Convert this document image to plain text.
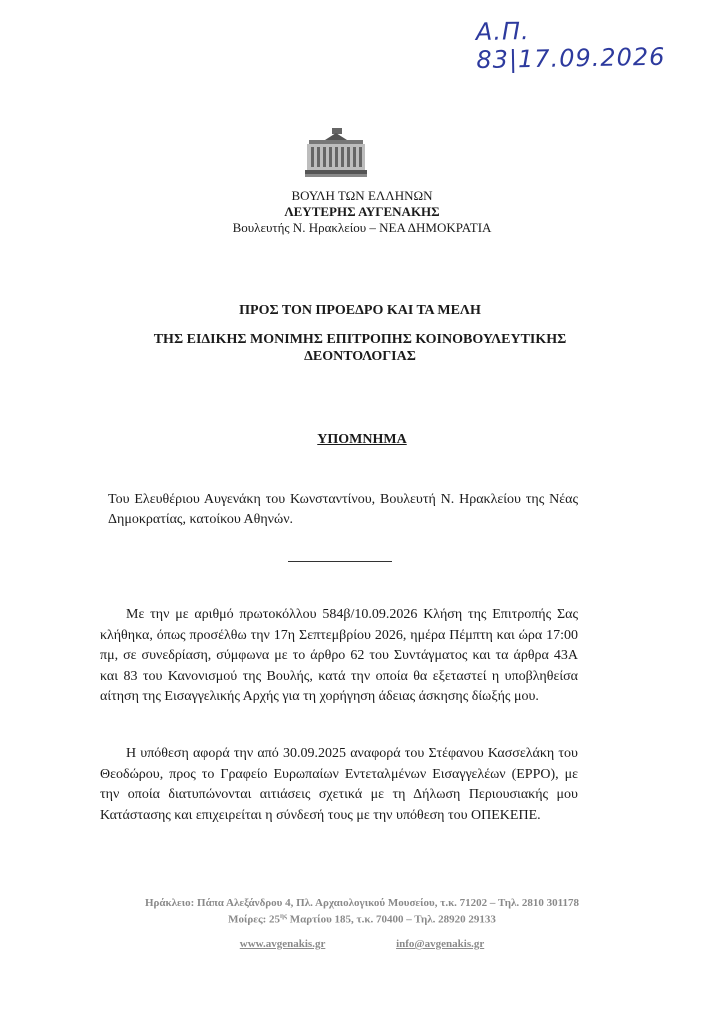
Α.Π. 83|17.09.2026
ΒΟΥΛΗ ΤΩΝ ΕΛΛΗΝΩΝ
ΛΕΥΤΕΡΗΣ ΑΥΓΕΝΑΚΗΣ
Βουλευτής Ν. Ηρακλείου – ΝΕΑ ΔΗΜΟΚΡΑΤΙΑ
ΠΡΟΣ ΤΟΝ ΠΡΟΕΔΡΟ ΚΑΙ ΤΑ ΜΕΛΗ
ΤΗΣ ΕΙΔΙΚΗΣ ΜΟΝΙΜΗΣ ΕΠΙΤΡΟΠΗΣ ΚΟΙΝΟΒΟΥΛΕΥΤΙΚΗΣ
ΔΕΟΝΤΟΛΟΓΙΑΣ
ΥΠΟΜΝΗΜΑ
Του Ελευθέριου Αυγενάκη του Κωνσταντίνου, Βουλευτή Ν. Ηρακλείου της Νέας Δημοκρατίας, κατοίκου Αθηνών.
Με την με αριθμό πρωτοκόλλου 584β/10.09.2026 Κλήση της Επιτροπής Σας κλήθηκα, όπως προσέλθω την 17η Σεπτεμβρίου 2026, ημέρα Πέμπτη και ώρα 17:00 πμ, σε συνεδρίαση, σύμφωνα με το άρθρο 62 του Συντάγματος και τα άρθρα 43Α και 83 του Κανονισμού της Βουλής, κατά την οποία θα εξεταστεί η υποβληθείσα αίτηση της Εισαγγελικής Αρχής για τη χορήγηση άδειας άσκησης δίωξής μου.
Η υπόθεση αφορά την από 30.09.2025 αναφορά του Στέφανου Κασσελάκη του Θεοδώρου, προς το Γραφείο Ευρωπαίων Εντεταλμένων Εισαγγελέων (EPPO), με την οποία διατυπώνονται αιτιάσεις σχετικά με τη Δήλωση Περιουσιακής μου Κατάστασης και επιχειρείται η σύνδεσή τους με την υπόθεση του ΟΠΕΚΕΠΕ.
Ηράκλειο: Πάπα Αλεξάνδρου 4, Πλ. Αρχαιολογικού Μουσείου, τ.κ. 71202 – Τηλ. 2810 301178
Μοίρες: $25^{\eta\varsigma}$ Μαρτίου 185, τ.κ. 70400 – Τηλ. 28920 29133
www.avgenakis.gr	info@avgenakis.gr
